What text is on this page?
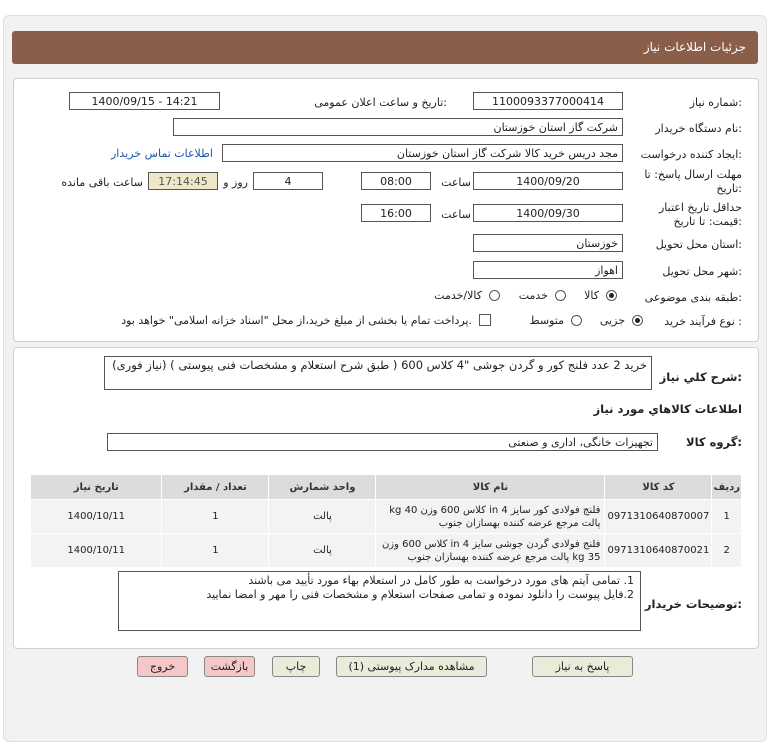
جزئیات اطلاعات نیاز
شماره نیاز:
1100093377000414
تاریخ و ساعت اعلان عمومی:
1400/09/15 - 14:21
نام دستگاه خریدار:
شرکت گاز استان خوزستان
ایجاد کننده درخواست:
مجد دریس خرید کالا شرکت گاز استان خوزستان
اطلاعات تماس خریدار
مهلت ارسال پاسخ: تا
تاریخ:
1400/09/20
ساعت
08:00
4
روز و
17:14:45
ساعت باقی مانده
حداقل تاریخ اعتبار
قیمت: تا تاریخ:
1400/09/30
ساعت
16:00
استان محل تحویل:
خوزستان
شهر محل تحویل:
اهواز
طبقه بندی موضوعی:
کالا
خدمت
کالا/خدمت
نوع فرآیند خرید :
جزیی
متوسط
پرداخت تمام یا بخشی از مبلغ خرید،از محل "اسناد خزانه اسلامی" خواهد بود.
شرح کلي نياز:
خرید 2 عدد فلنج کور و گردن جوشی "4 کلاس 600 ( طبق شرح استعلام و مشخصات فنی پیوستی ) (نیاز فوری)
اطلاعات کالاهاي مورد نياز
گروه کالا:
تجهیزات خانگی، اداری و صنعتی
ردیف	کد کالا	نام کالا	واحد شمارش	تعداد / مقدار	تاریخ نیاز
1	0971310640870007	فلنج فولادی کور سایز in 4 کلاس 600 وزن kg 40 پالت مرجع عرضه کننده بهسازان جنوب	پالت	1	1400/10/11
2	0971310640870021	فلنج فولادی گردن جوشی سایز in 4 کلاس 600 وزن kg 35 پالت مرجع عرضه کننده بهسازان جنوب	پالت	1	1400/10/11
توضیحات خریدار:
1. تمامی آیتم های مورد درخواست به طور کامل در استعلام بهاء مورد تأیید می باشند
2.فایل پیوست را دانلود نموده و تمامی صفحات استعلام و مشخصات فنی را مهر و امضا نمایید
پاسخ به نیاز
مشاهده مدارک پیوستی (1)
چاپ
بازگشت
خروج
